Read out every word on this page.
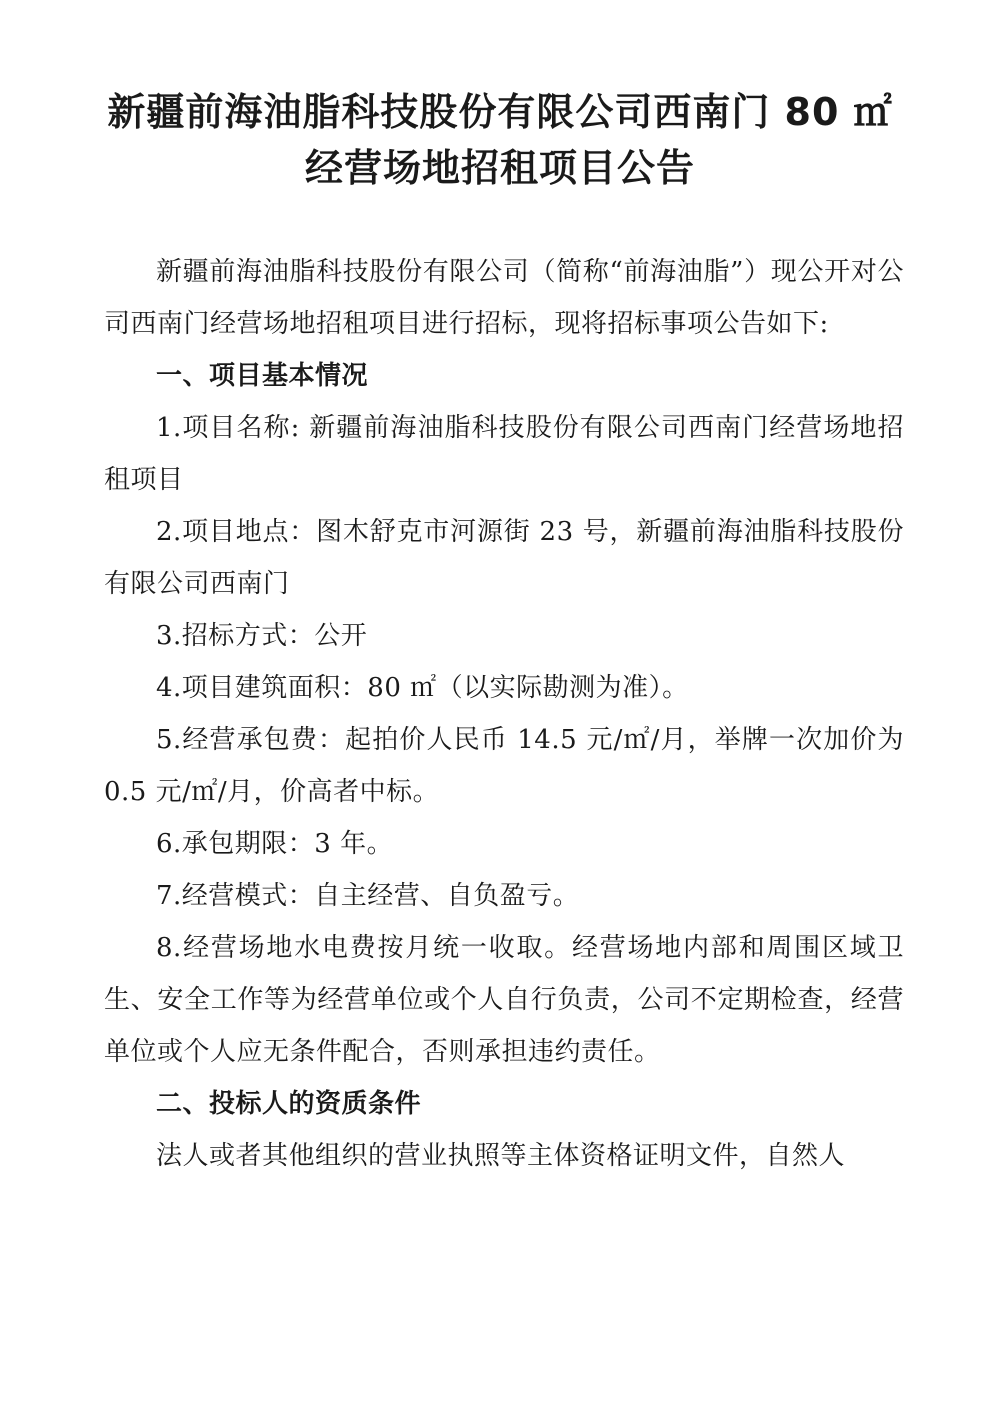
新疆前海油脂科技股份有限公司西南门 80 ㎡
经营场地招租项目公告

新疆前海油脂科技股份有限公司（简称“前海油脂”）现公开对公司西南门经营场地招租项目进行招标，现将招标事项公告如下:

一、项目基本情况

1.项目名称: 新疆前海油脂科技股份有限公司西南门经营场地招租项目

2.项目地点：图木舒克市河源街 23 号，新疆前海油脂科技股份有限公司西南门

3.招标方式：公开

4.项目建筑面积：80 ㎡（以实际勘测为准）。

5.经营承包费：起拍价人民币 14.5 元/㎡/月，举牌一次加价为 0.5 元/㎡/月，价高者中标。

6.承包期限：3 年。

7.经营模式：自主经营、自负盈亏。

8.经营场地水电费按月统一收取。经营场地内部和周围区域卫生、安全工作等为经营单位或个人自行负责，公司不定期检查，经营单位或个人应无条件配合，否则承担违约责任。

二、投标人的资质条件

法人或者其他组织的营业执照等主体资格证明文件，自然人
